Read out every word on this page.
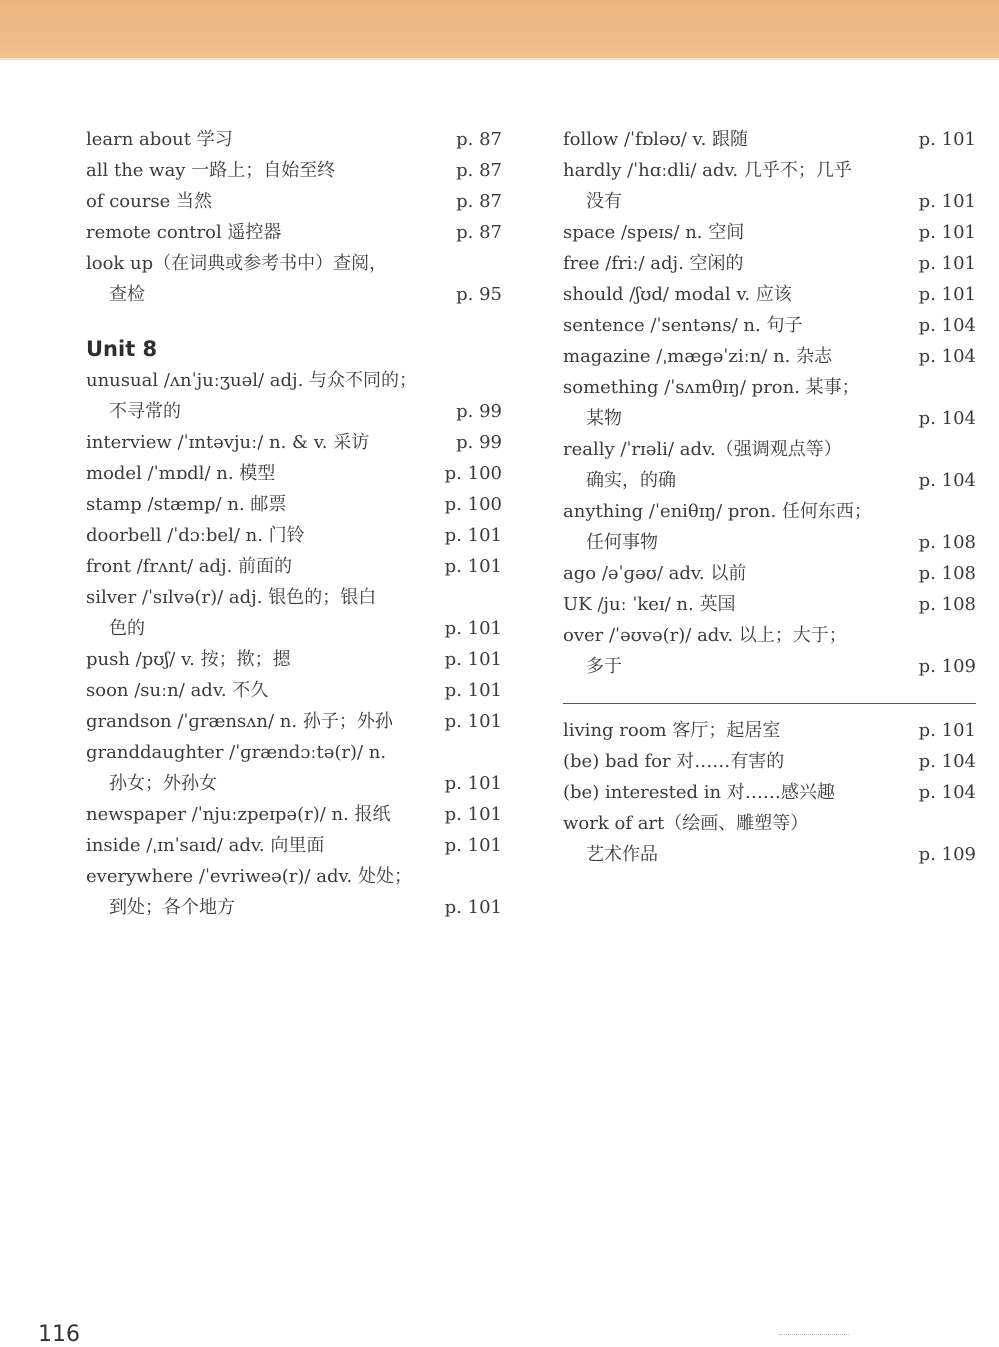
learn about 学习	p. 87
all the way 一路上；自始至终	p. 87
of course 当然	p. 87
remote control 遥控器	p. 87
look up（在词典或参考书中）查阅，
查检	p. 95
Unit 8
unusual /ʌnˈjuːʒuəl/ adj. 与众不同的；
不寻常的	p. 99
interview /ˈɪntəvjuː/ n. & v. 采访	p. 99
model /ˈmɒdl/ n. 模型	p. 100
stamp /stæmp/ n. 邮票	p. 100
doorbell /ˈdɔːbel/ n. 门铃	p. 101
front /frʌnt/ adj. 前面的	p. 101
silver /ˈsɪlvə(r)/ adj. 银色的；银白
色的	p. 101
push /pʊʃ/ v. 按；揿；摁	p. 101
soon /suːn/ adv. 不久	p. 101
grandson /ˈɡrænsʌn/ n. 孙子；外孙	p. 101
granddaughter /ˈɡrændɔːtə(r)/ n.
孙女；外孙女	p. 101
newspaper /ˈnjuːzpeɪpə(r)/ n. 报纸	p. 101
inside /ˌɪnˈsaɪd/ adv. 向里面	p. 101
everywhere /ˈevriweə(r)/ adv. 处处；
到处；各个地方	p. 101
follow /ˈfɒləʊ/ v. 跟随	p. 101
hardly /ˈhɑːdli/ adv. 几乎不；几乎
没有	p. 101
space /speɪs/ n. 空间	p. 101
free /friː/ adj. 空闲的	p. 101
should /ʃʊd/ modal v. 应该	p. 101
sentence /ˈsentəns/ n. 句子	p. 104
magazine /ˌmæɡəˈziːn/ n. 杂志	p. 104
something /ˈsʌmθɪŋ/ pron. 某事；
某物	p. 104
really /ˈrɪəli/ adv.（强调观点等）
确实，的确	p. 104
anything /ˈeniθɪŋ/ pron. 任何东西；
任何事物	p. 108
ago /əˈɡəʊ/ adv. 以前	p. 108
UK /juː ˈkeɪ/ n. 英国	p. 108
over /ˈəʊvə(r)/ adv. 以上；大于；
多于	p. 109
living room 客厅；起居室	p. 101
(be) bad for 对……有害的	p. 104
(be) interested in 对……感兴趣	p. 104
work of art（绘画、雕塑等）
艺术作品	p. 109
116
